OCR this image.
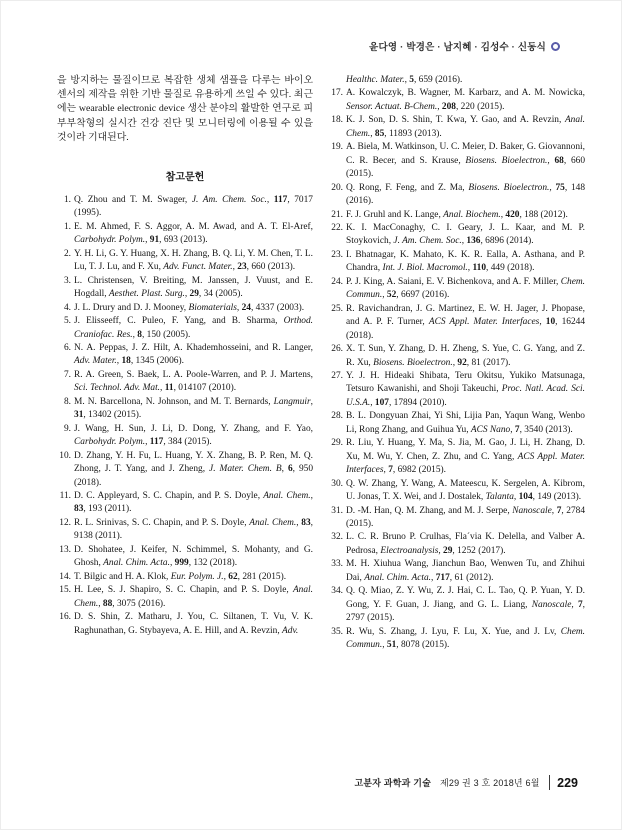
윤다영 · 박경은 · 남지혜 · 김성수 · 신동식

을 방지하는 물질이므로 복잡한 생체 샘플을 다루는 바이오 센서의 제작을 위한 기반 물질로 유용하게 쓰일 수 있다. 최근에는 wearable electronic device 생산 분야의 활발한 연구로 피부부착형의 실시간 건강 진단 및 모니터링에 이용될 수 있을 것이라 기대된다.

참고문헌
1. Q. Zhou and T. M. Swager, J. Am. Chem. Soc., 117, 7017 (1995).
1. E. M. Ahmed, F. S. Aggor, A. M. Awad, and A. T. El-Aref, Carbohydr. Polym., 91, 693 (2013).
2. Y. H. Li, G. Y. Huang, X. H. Zhang, B. Q. Li, Y. M. Chen, T. L. Lu, T. J. Lu, and F. Xu, Adv. Funct. Mater., 23, 660 (2013).
3. L. Christensen, V. Breiting, M. Janssen, J. Vuust, and E. Hogdall, Aesthet. Plast. Surg., 29, 34 (2005).
4. J. L. Drury and D. J. Mooney, Biomaterials, 24, 4337 (2003).
5. J. Elisseeff, C. Puleo, F. Yang, and B. Sharma, Orthod. Craniofac. Res., 8, 150 (2005).
6. N. A. Peppas, J. Z. Hilt, A. Khademhosseini, and R. Langer, Adv. Mater., 18, 1345 (2006).
7. R. A. Green, S. Baek, L. A. Poole-Warren, and P. J. Martens, Sci. Technol. Adv. Mat., 11, 014107 (2010).
8. M. N. Barcellona, N. Johnson, and M. T. Bernards, Langmuir, 31, 13402 (2015).
9. J. Wang, H. Sun, J. Li, D. Dong, Y. Zhang, and F. Yao, Carbohydr. Polym., 117, 384 (2015).
10. D. Zhang, Y. H. Fu, L. Huang, Y. X. Zhang, B. P. Ren, M. Q. Zhong, J. T. Yang, and J. Zheng, J. Mater. Chem. B, 6, 950 (2018).
11. D. C. Appleyard, S. C. Chapin, and P. S. Doyle, Anal. Chem., 83, 193 (2011).
12. R. L. Srinivas, S. C. Chapin, and P. S. Doyle, Anal. Chem., 83, 9138 (2011).
13. D. Shohatee, J. Keifer, N. Schimmel, S. Mohanty, and G. Ghosh, Anal. Chim. Acta., 999, 132 (2018).
14. T. Bilgic and H. A. Klok, Eur. Polym. J., 62, 281 (2015).
15. H. Lee, S. J. Shapiro, S. C. Chapin, and P. S. Doyle, Anal. Chem., 88, 3075 (2016).
16. D. S. Shin, Z. Matharu, J. You, C. Siltanen, T. Vu, V. K. Raghunathan, G. Stybayeva, A. E. Hill, and A. Revzin, Adv.
Healthc. Mater., 5, 659 (2016).
17. A. Kowalczyk, B. Wagner, M. Karbarz, and A. M. Nowicka, Sensor. Actuat. B-Chem., 208, 220 (2015).
18. K. J. Son, D. S. Shin, T. Kwa, Y. Gao, and A. Revzin, Anal. Chem., 85, 11893 (2013).
19. A. Biela, M. Watkinson, U. C. Meier, D. Baker, G. Giovannoni, C. R. Becer, and S. Krause, Biosens. Bioelectron., 68, 660 (2015).
20. Q. Rong, F. Feng, and Z. Ma, Biosens. Bioelectron., 75, 148 (2016).
21. F. J. Gruhl and K. Lange, Anal. Biochem., 420, 188 (2012).
22. K. I. MacConaghy, C. I. Geary, J. L. Kaar, and M. P. Stoykovich, J. Am. Chem. Soc., 136, 6896 (2014).
23. I. Bhatnagar, K. Mahato, K. K. R. Ealla, A. Asthana, and P. Chandra, Int. J. Biol. Macromol., 110, 449 (2018).
24. P. J. King, A. Saiani, E. V. Bichenkova, and A. F. Miller, Chem. Commun., 52, 6697 (2016).
25. R. Ravichandran, J. G. Martinez, E. W. H. Jager, J. Phopase, and A. P. F. Turner, ACS Appl. Mater. Interfaces, 10, 16244 (2018).
26. X. T. Sun, Y. Zhang, D. H. Zheng, S. Yue, C. G. Yang, and Z. R. Xu, Biosens. Bioelectron., 92, 81 (2017).
27. Y. J. H. Hideaki Shibata, Teru Okitsu, Yukiko Matsunaga, Tetsuro Kawanishi, and Shoji Takeuchi, Proc. Natl. Acad. Sci. U.S.A., 107, 17894 (2010).
28. B. L. Dongyuan Zhai, Yi Shi, Lijia Pan, Yaqun Wang, Wenbo Li, Rong Zhang, and Guihua Yu, ACS Nano, 7, 3540 (2013).
29. R. Liu, Y. Huang, Y. Ma, S. Jia, M. Gao, J. Li, H. Zhang, D. Xu, M. Wu, Y. Chen, Z. Zhu, and C. Yang, ACS Appl. Mater. Interfaces, 7, 6982 (2015).
30. Q. W. Zhang, Y. Wang, A. Mateescu, K. Sergelen, A. Kibrom, U. Jonas, T. X. Wei, and J. Dostalek, Talanta, 104, 149 (2013).
31. D. -M. Han, Q. M. Zhang, and M. J. Serpe, Nanoscale, 7, 2784 (2015).
32. L. C. R. Bruno P. Crulhas, Fla´via K. Delella, and Valber A. Pedrosa, Electroanalysis, 29, 1252 (2017).
33. M. H. Xiuhua Wang, Jianchun Bao, Wenwen Tu, and Zhihui Dai, Anal. Chim. Acta., 717, 61 (2012).
34. Q. Q. Miao, Z. Y. Wu, Z. J. Hai, C. L. Tao, Q. P. Yuan, Y. D. Gong, Y. F. Guan, J. Jiang, and G. L. Liang, Nanoscale, 7, 2797 (2015).
35. R. Wu, S. Zhang, J. Lyu, F. Lu, X. Yue, and J. Lv, Chem. Commun., 51, 8078 (2015).
고분자 과학과 기술 제29 권 3 호 2018년 6월 229
